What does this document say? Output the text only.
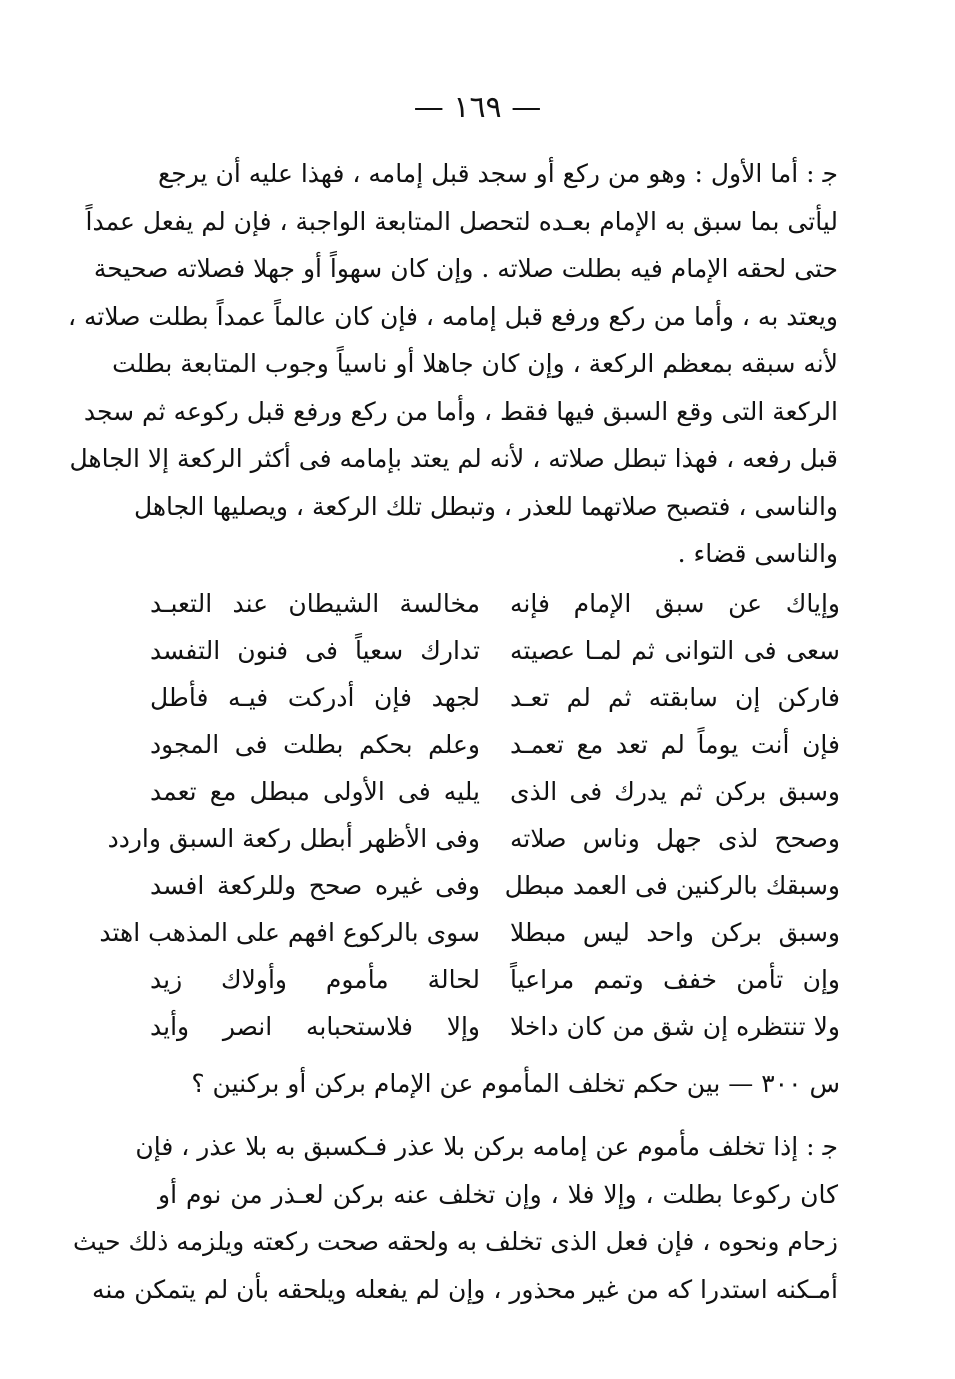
— ١٦٩ —
ﺟ : أما الأول : وهو من ركع أو سجد قبل إمامه ، فهذا عليه أن يرجع
ليأتى بما سبق به الإمام بعـده لتحصل المتابعة الواجبة ، فإن لم يفعل عمداً
حتى لحقه الإمام فيه بطلت صلاته . وإن كان سهواً أو جهلا فصلاته صحيحة
ويعتد به ، وأما من ركع ورفع قبل إمامه ، فإن كان عالماً عمداً بطلت صلاته ،
لأنه سبقه بمعظم الركعة ، وإن كان جاهلا أو ناسياً وجوب المتابعة بطلت
الركعة التى وقع السبق فيها فقط ، وأما من ركع ورفع قبل ركوعه ثم سجد
قبل رفعه ، فهذا تبطل صلاته ، لأنه لم يعتد بإمامه فى أكثر الركعة إلا الجاهل
والناسى ، فتصبح صلاتهما للعذر ، وتبطل تلك الركعة ، ويصليها الجاهل
والناسى قضاء .
وإياك عن سبق الإمام فإنه
مخالسة الشيطان عند التعبـد
سعى فى التوانى ثم لمـا عصيته
تدارك سعياً فى فنون التفسد
فاركن إن سابقته ثم لم تعـد
لجهد فإن أدركت فيـه فأطل
فإن أنت يوماً لم تعد مع تعمـد
وعلم بحكم بطلت فى المجود
وسبق بركن ثم يدرك فى الذى
يليه فى الأولى مبطل مع تعمد
وصحح لذى جهل وناس صلاته
وفى الأظهر أبطل ركعة السبق واردد
وسبقك بالركنين فى العمد مبطل
وفى غيره صحح وللركعة افسد
وسبق بركن واحد ليس مبطلا
سوى بالركوع افهم على المذهب اهتد
وإن تأمن خفف وتمم مراعياً
لحالة مأموم وأولاك زيد
ولا تنتظره إن شق من كان داخلا
وإلا فلاستحبابه انصر وأيد
س ٣٠٠ — بين حكم تخلف المأموم عن الإمام بركن أو بركنين ؟
ﺟ : إذا تخلف مأموم عن إمامه بركن بلا عذر فـكسبق به بلا عذر ، فإن
كان ركوعا بطلت ، وإلا فلا ، وإن تخلف عنه بركن لعـذر من نوم أو
زحام ونحوه ، فإن فعل الذى تخلف به ولحقه صحت ركعته ويلزمه ذلك حيث
أمـكنه استدرا كه من غير محذور ، وإن لم يفعله ويلحقه بأن لم يتمكن منه
